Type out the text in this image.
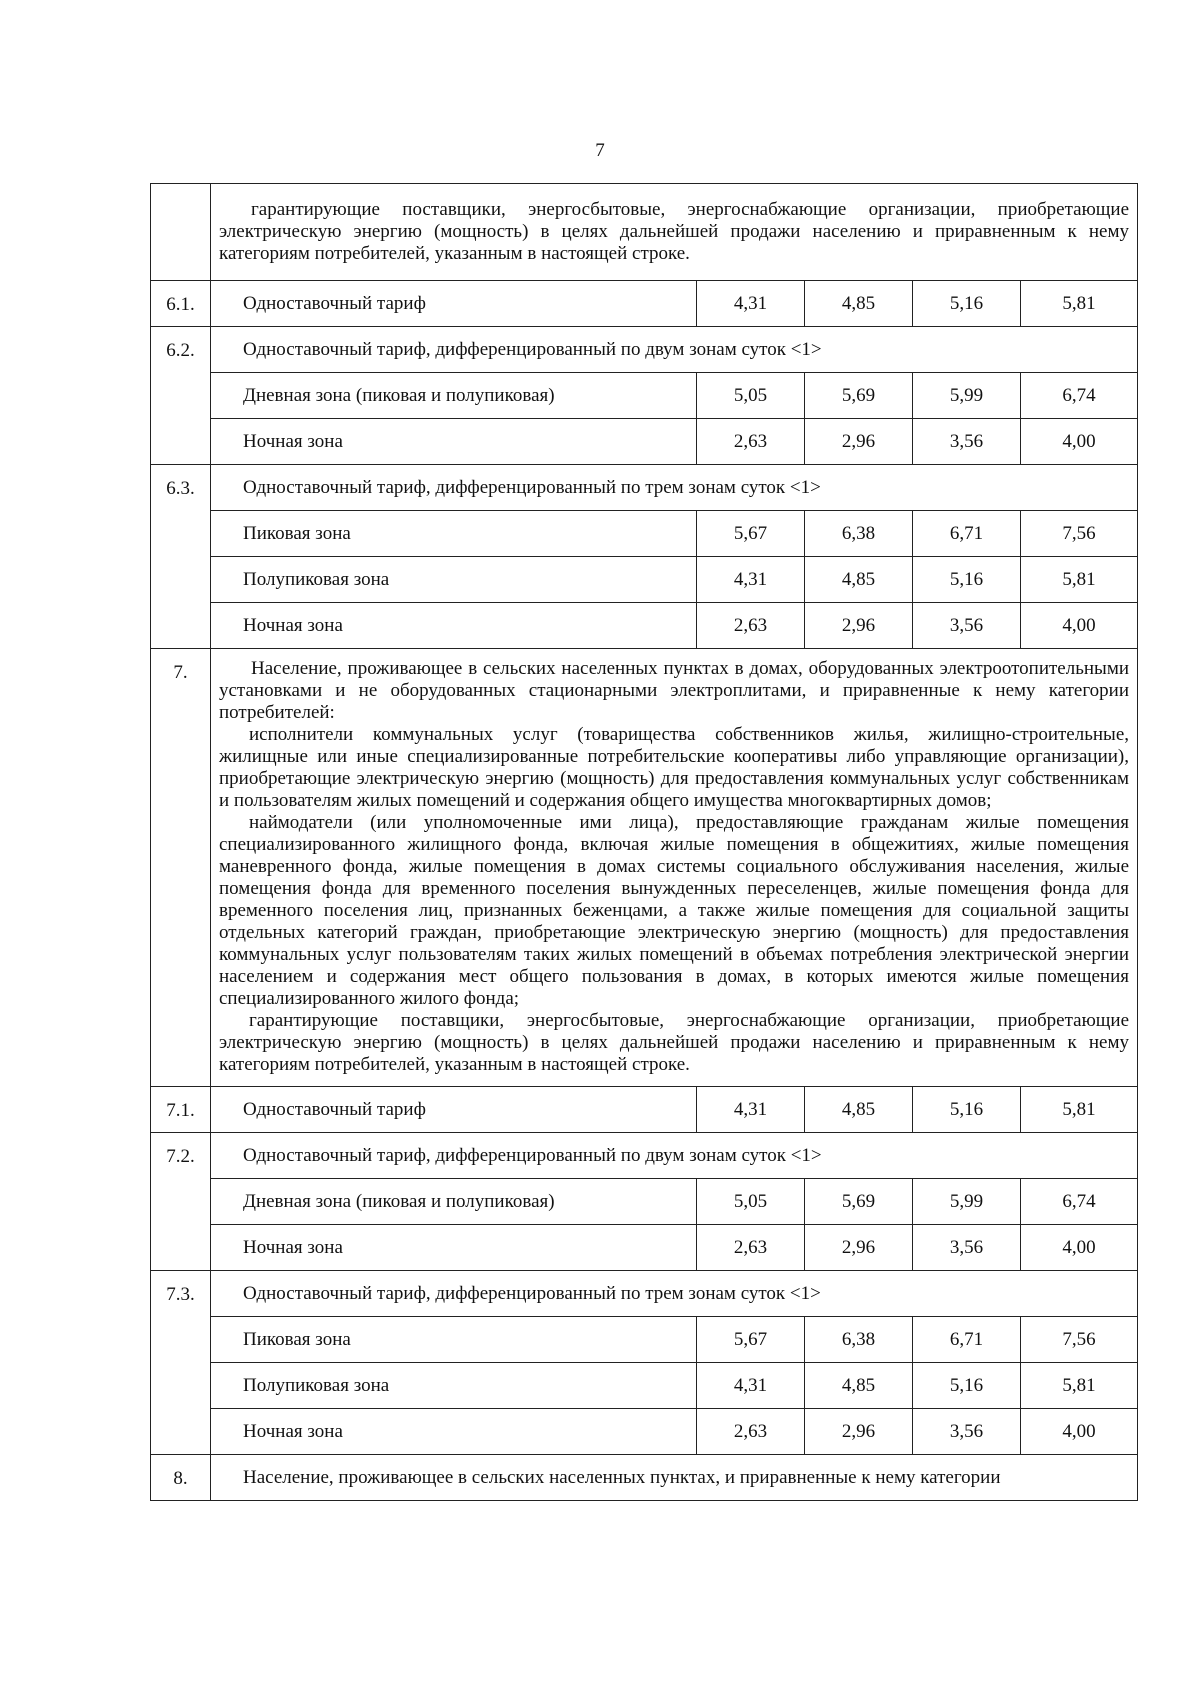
7

	гарантирующие поставщики, энергосбытовые, энергоснабжающие организации, приобретающие электрическую энергию (мощность) в целях дальнейшей продажи населению и приравненным к нему категориям потребителей, указанным в настоящей строке.				

6.1.	Одноставочный тариф	4,31	4,85	5,16	5,81
6.2.	Одноставочный тариф, дифференцированный по двум зонам суток <1>				
	Дневная зона (пиковая и полупиковая)	5,05	5,69	5,99	6,74
	Ночная зона	2,63	2,96	3,56	4,00
6.3.	Одноставочный тариф, дифференцированный по трем зонам суток <1>				
	Пиковая зона	5,67	6,38	6,71	7,56
	Полупиковая зона	4,31	4,85	5,16	5,81
	Ночная зона	2,63	2,96	3,56	4,00
7.	Население, проживающее в сельских населенных пунктах в домах, оборудованных электроотопительными установками и не оборудованных стационарными электроплитами, и приравненные к нему категории потребителей:

исполнители коммунальных услуг (товарищества собственников жилья, жилищно-строительные, жилищные или иные специализированные потребительские кооперативы либо управляющие организации), приобретающие электрическую энергию (мощность) для предоставления коммунальных услуг собственникам и пользователям жилых помещений и содержания общего имущества многоквартирных домов;

наймодатели (или уполномоченные ими лица), предоставляющие гражданам жилые помещения специализированного жилищного фонда, включая жилые помещения в общежитиях, жилые помещения маневренного фонда, жилые помещения в домах системы социального обслуживания населения, жилые помещения фонда для временного поселения вынужденных переселенцев, жилые помещения фонда для временного поселения лиц, признанных беженцами, а также жилые помещения для социальной защиты отдельных категорий граждан, приобретающие электрическую энергию (мощность) для предоставления коммунальных услуг пользователям таких жилых помещений в объемах потребления электрической энергии населением и содержания мест общего пользования в домах, в которых имеются жилые помещения специализированного жилого фонда;

гарантирующие поставщики, энергосбытовые, энергоснабжающие организации, приобретающие электрическую энергию (мощность) в целях дальнейшей продажи населению и приравненным к нему категориям потребителей, указанным в настоящей строке.				

7.1.	Одноставочный тариф	4,31	4,85	5,16	5,81
7.2.	Одноставочный тариф, дифференцированный по двум зонам суток <1>				
	Дневная зона (пиковая и полупиковая)	5,05	5,69	5,99	6,74
	Ночная зона	2,63	2,96	3,56	4,00
7.3.	Одноставочный тариф, дифференцированный по трем зонам суток <1>				
	Пиковая зона	5,67	6,38	6,71	7,56
	Полупиковая зона	4,31	4,85	5,16	5,81
	Ночная зона	2,63	2,96	3,56	4,00
8.	Население, проживающее в сельских населенных пунктах, и приравненные к нему категории				
